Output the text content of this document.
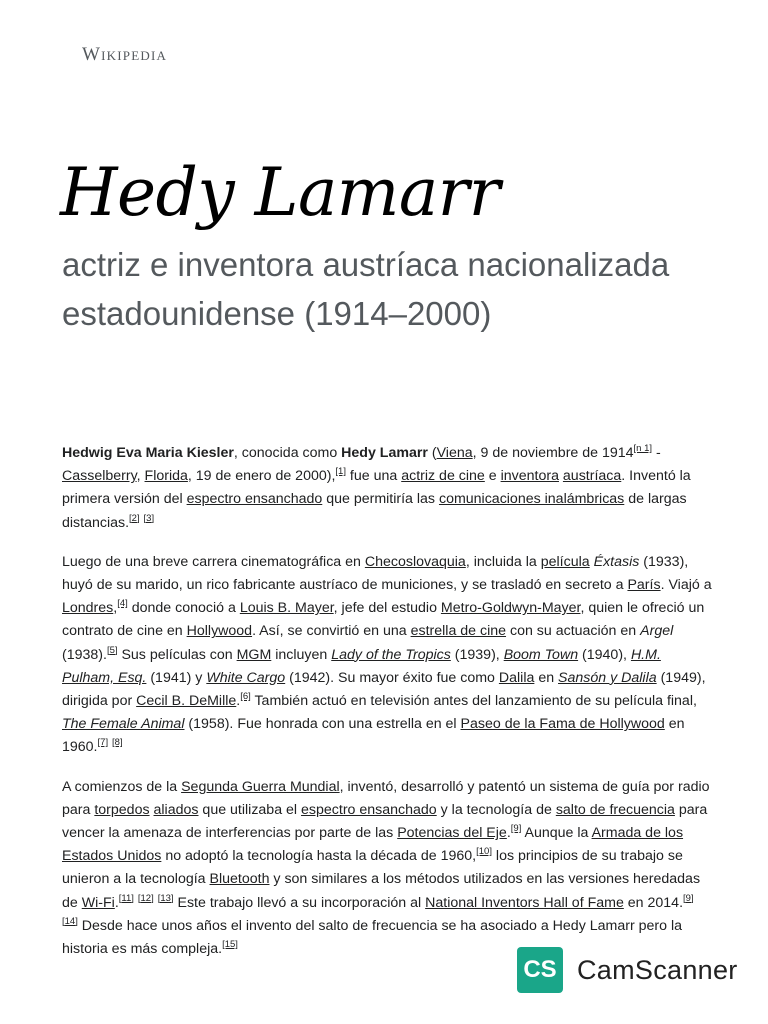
Wikipedia
Hedy Lamarr
actriz e inventora austríaca nacionalizada estadounidense (1914–2000)

Hedwig Eva Maria Kiesler, conocida como Hedy Lamarr (Viena, 9 de noviembre de 1914[n 1] - Casselberry, Florida, 19 de enero de 2000),[1] fue una actriz de cine e inventora austríaca. Inventó la primera versión del espectro ensanchado que permitiría las comunicaciones inalámbricas de largas distancias.[2] [3]

Luego de una breve carrera cinematográfica en Checoslovaquia, incluida la película Éxtasis (1933), huyó de su marido, un rico fabricante austríaco de municiones, y se trasladó en secreto a París. Viajó a Londres,[4] donde conoció a Louis B. Mayer, jefe del estudio Metro-Goldwyn-Mayer, quien le ofreció un contrato de cine en Hollywood. Así, se convirtió en una estrella de cine con su actuación en Argel (1938).[5] Sus películas con MGM incluyen Lady of the Tropics (1939), Boom Town (1940), H.M. Pulham, Esq. (1941) y White Cargo (1942). Su mayor éxito fue como Dalila en Sansón y Dalila (1949), dirigida por Cecil B. DeMille.[6] También actuó en televisión antes del lanzamiento de su película final, The Female Animal (1958). Fue honrada con una estrella en el Paseo de la Fama de Hollywood en 1960.[7] [8]

A comienzos de la Segunda Guerra Mundial, inventó, desarrolló y patentó un sistema de guía por radio para torpedos aliados que utilizaba el espectro ensanchado y la tecnología de salto de frecuencia para vencer la amenaza de interferencias por parte de las Potencias del Eje.[9] Aunque la Armada de los Estados Unidos no adoptó la tecnología hasta la década de 1960,[10] los principios de su trabajo se unieron a la tecnología Bluetooth y son similares a los métodos utilizados en las versiones heredadas de Wi-Fi.[11] [12] [13] Este trabajo llevó a su incorporación al National Inventors Hall of Fame en 2014.[9] [14] Desde hace unos años el invento del salto de frecuencia se ha asociado a Hedy Lamarr pero la historia es más compleja.[15]

CS CamScanner
